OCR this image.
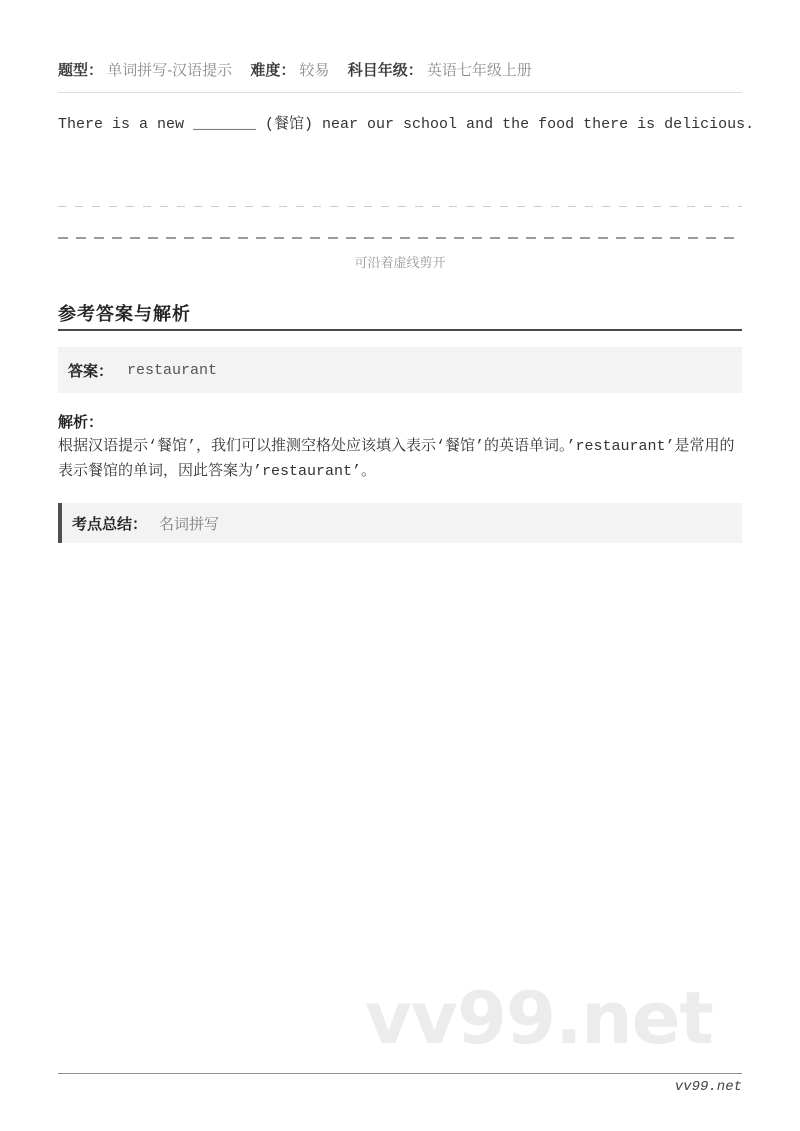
题型： 单词拼写-汉语提示 难度： 较易 科目年级： 英语七年级上册
There is a new _______ (餐馆) near our school and the food there is delicious.
可沿着虚线剪开
参考答案与解析
答案： restaurant
解析：
根据汉语提示‘餐馆’，我们可以推测空格处应该填入表示‘餐馆’的英语单词。’restaurant’是常用的表示餐馆的单词，因此答案为’restaurant’。
考点总结： 名词拼写
vv99.net
vv99.net
